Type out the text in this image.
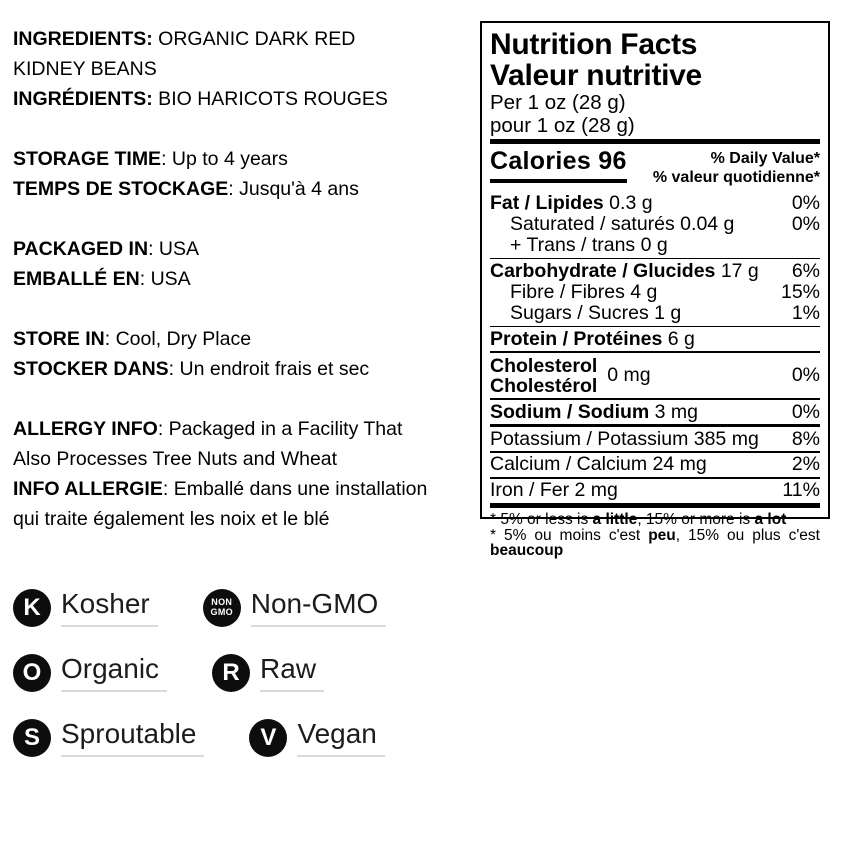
INGREDIENTS: ORGANIC DARK RED
KIDNEY BEANS
INGRÉDIENTS: BIO HARICOTS ROUGES
STORAGE TIME: Up to 4 years
TEMPS DE STOCKAGE: Jusqu'à 4 ans
PACKAGED IN: USA
EMBALLÉ EN: USA
STORE IN: Cool, Dry Place
STOCKER DANS: Un endroit frais et sec
ALLERGY INFO: Packaged in a Facility That
Also Processes Tree Nuts and Wheat
INFO ALLERGIE: Emballé dans une installation
qui traite également les noix et le blé
Nutrition Facts
Valeur nutritive
Per 1 oz (28 g)
pour 1 oz (28 g)
Calories 96	% Daily Value*
% valeur quotidienne*
Fat / Lipides 0.3 g	0%
Saturated / saturés 0.04 g	0%
+ Trans / trans 0 g
Carbohydrate / Glucides 17 g 6%
Fibre / Fibres 4 g	15%
Sugars / Sucres 1 g	1%
Protein / Protéines 6 g
Cholesterol
Cholestérol 0 mg	0%
Sodium / Sodium 3 mg	0%
Potassium / Potassium 385 mg 8%
Calcium / Calcium 24 mg	2%
Iron / Fer 2 mg	11%
* 5% or less is a little, 15% or more is a lot
* 5% ou moins c'est peu, 15% ou plus c'est
beaucoup
K Kosher	NON
GMO Non-GMO
O Organic	R Raw
S Sproutable	V Vegan
